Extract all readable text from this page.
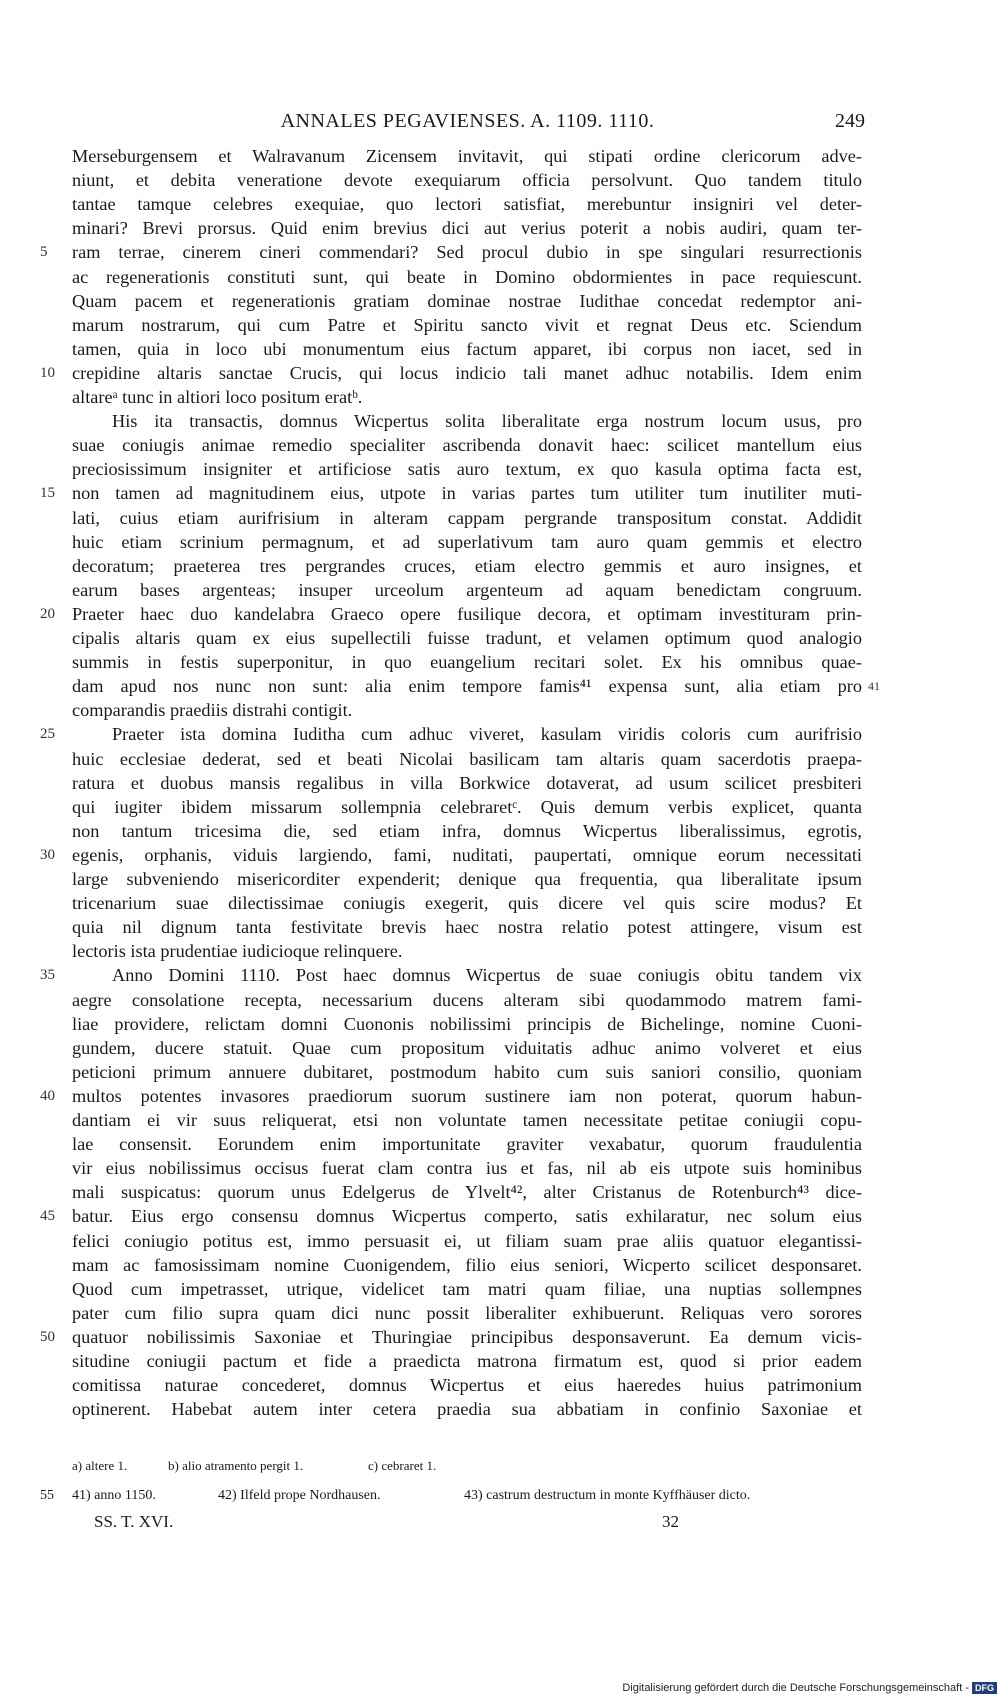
ANNALES PEGAVIENSES. A. 1109. 1110.	249
Merseburgensem et Walravanum Zicensem invitavit, qui stipati ordine clericorum adve-
niunt, et debita veneratione devote exequiarum officia persolvunt. Quo tandem titulo
tantae tamque celebres exequiae, quo lectori satisfiat, merebuntur insigniri vel deter-
minari? Brevi prorsus. Quid enim brevius dici aut verius poterit a nobis audiri, quam ter-
5	ram terrae, cinerem cineri commendari? Sed procul dubio in spe singulari resurrectionis
ac regenerationis constituti sunt, qui beate in Domino obdormientes in pace requiescunt.
Quam pacem et regenerationis gratiam dominae nostrae Iudithae concedat redemptor ani-
marum nostrarum, qui cum Patre et Spiritu sancto vivit et regnat Deus etc. Sciendum
tamen, quia in loco ubi monumentum eius factum apparet, ibi corpus non iacet, sed in
10 crepidine altaris sanctae Crucis, qui locus indicio tali manet adhuc notabilis. Idem enim
altareᵃ tunc in altiori loco positum eratᵇ.
His ita transactis, domnus Wicpertus solita liberalitate erga nostrum locum usus, pro
suae coniugis animae remedio specialiter ascribenda donavit haec: scilicet mantellum eius
preciosissimum insigniter et artificiose satis auro textum, ex quo kasula optima facta est,
15 non tamen ad magnitudinem eius, utpote in varias partes tum utiliter tum inutiliter muti-
lati, cuius etiam aurifrisium in alteram cappam pergrande transpositum constat. Addidit
huic etiam scrinium permagnum, et ad superlativum tam auro quam gemmis et electro
decoratum; praeterea tres pergrandes cruces, etiam electro gemmis et auro insignes, et
earum bases argenteas; insuper urceolum argenteum ad aquam benedictam congruum.
20 Praeter haec duo kandelabra Graeco opere fusilique decora, et optimam investituram prin-
cipalis altaris quam ex eius supellectili fuisse tradunt, et velamen optimum quod analogio
summis in festis superponitur, in quo euangelium recitari solet. Ex his omnibus quae-
dam apud nos nunc non sunt: alia enim tempore famis⁴¹ expensa sunt, alia etiam pro 41
comparandis praediis distrahi contigit.
25	Praeter ista domina Iuditha cum adhuc viveret, kasulam viridis coloris cum aurifrisio
huic ecclesiae dederat, sed et beati Nicolai basilicam tam altaris quam sacerdotis praepa-
ratura et duobus mansis regalibus in villa Borkwice dotaverat, ad usum scilicet presbiteri
qui iugiter ibidem missarum sollempnia celebraretᶜ. Quis demum verbis explicet, quanta
non tantum tricesima die, sed etiam infra, domnus Wicpertus liberalissimus, egrotis,
30 egenis, orphanis, viduis largiendo, fami, nuditati, paupertati, omnique eorum necessitati
large subveniendo misericorditer expenderit; denique qua frequentia, qua liberalitate ipsum
tricenarium suae dilectissimae coniugis exegerit, quis dicere vel quis scire modus? Et
quia nil dignum tanta festivitate brevis haec nostra relatio potest attingere, visum est
lectoris ista prudentiae iudicioque relinquere.
35	Anno Domini 1110. Post haec domnus Wicpertus de suae coniugis obitu tandem vix
aegre consolatione recepta, necessarium ducens alteram sibi quodammodo matrem fami-
liae providere, relictam domni Cuononis nobilissimi principis de Bichelinge, nomine Cuoni-
gundem, ducere statuit. Quae cum propositum viduitatis adhuc animo volveret et eius
peticioni primum annuere dubitaret, postmodum habito cum suis saniori consilio, quoniam
40 multos potentes invasores praediorum suorum sustinere iam non poterat, quorum habun-
dantiam ei vir suus reliquerat, etsi non voluntate tamen necessitate petitae coniugii copu-
lae consensit. Eorundem enim importunitate graviter vexabatur, quorum fraudulentia
vir eius nobilissimus occisus fuerat clam contra ius et fas, nil ab eis utpote suis hominibus
mali suspicatus: quorum unus Edelgerus de Ylvelt⁴², alter Cristanus de Rotenburch⁴³ dice-
45 batur. Eius ergo consensu domnus Wicpertus comperto, satis exhilaratur, nec solum eius
felici coniugio potitus est, immo persuasit ei, ut filiam suam prae aliis quatuor elegantissi-
mam ac famosissimam nomine Cuonigendem, filio eius seniori, Wicperto scilicet desponsaret.
Quod cum impetrasset, utrique, videlicet tam matri quam filiae, una nuptias sollempnes
pater cum filio supra quam dici nunc possit liberaliter exhibuerunt. Reliquas vero sorores
50 quatuor nobilissimis Saxoniae et Thuringiae principibus desponsaverunt. Ea demum vicis-
situdine coniugii pactum et fide a praedicta matrona firmatum est, quod si prior eadem
comitissa naturae concederet, domnus Wicpertus et eius haeredes huius patrimonium
optinerent. Habebat autem inter cetera praedia sua abbatiam in confinio Saxoniae et
a) altere 1.	b) alio atramento pergit 1.	c) cebraret 1.
55 41) anno 1150.	42) Ilfeld prope Nordhausen.	43) castrum destructum in monte Kyffhäuser dicto.
SS. T. XVI.	32
Digitalisierung gefördert durch die Deutsche Forschungsgemeinschaft - DFG
